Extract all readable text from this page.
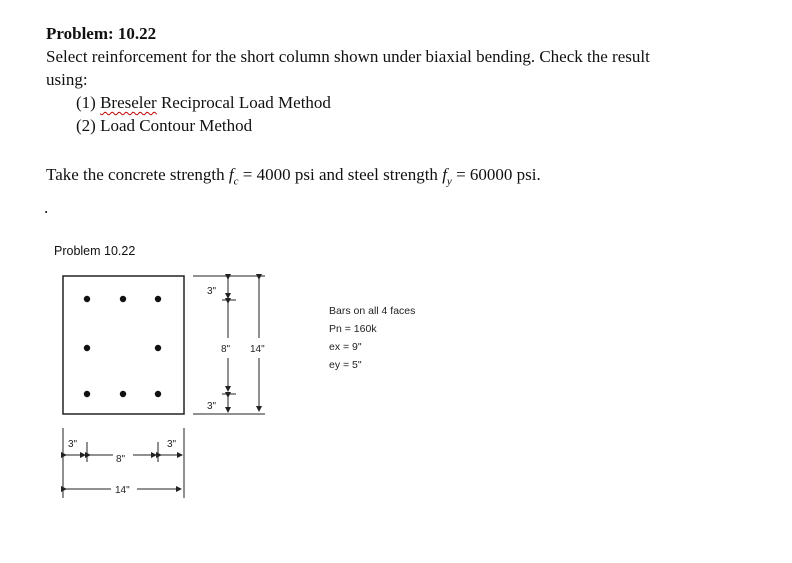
Problem: 10.22
Select reinforcement for the short column shown under biaxial bending. Check the result
using:
(1) Breseler Reciprocal Load Method
(2) Load Contour Method
Take the concrete strength $f_c = 4000$ psi and steel strength $f_y = 60000$ psi.
.
Problem 10.22
3"
8" 14"
3"
3"
8"
3"
14"
Bars on all 4 faces
Pn = 160k
ex = 9"
ey = 5"
